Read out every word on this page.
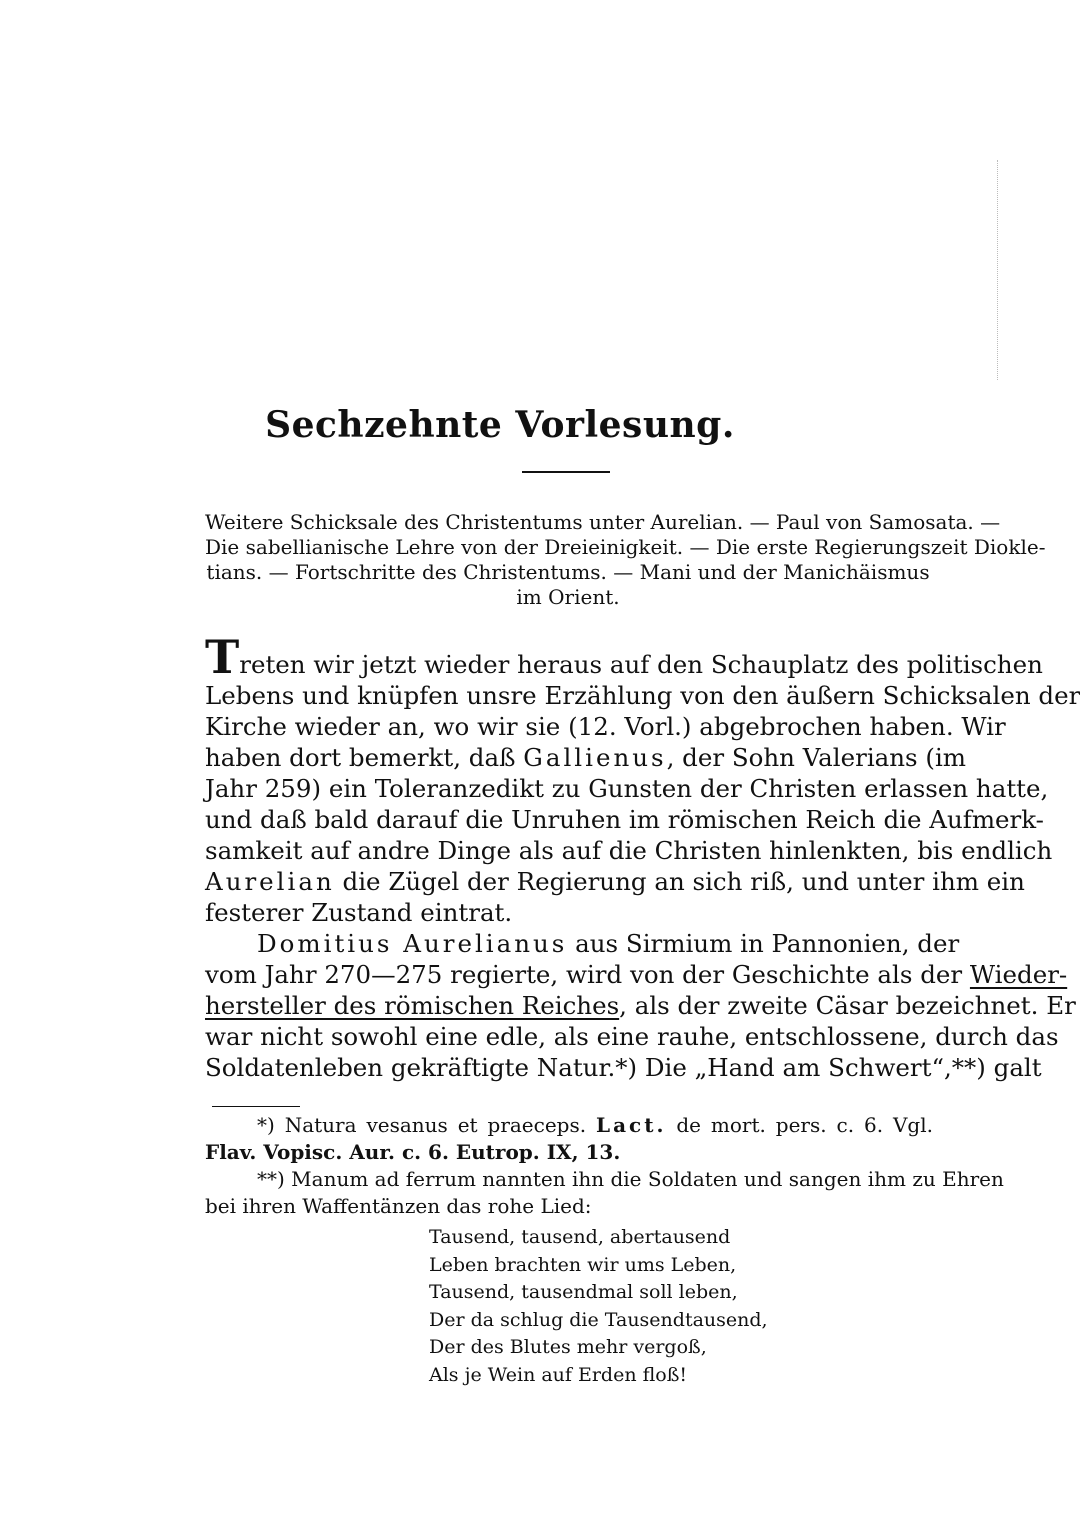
Sechzehnte Vorlesung.
Weitere Schicksale des Christentums unter Aurelian. — Paul von Samosata. —
Die sabellianische Lehre von der Dreieinigkeit. — Die erste Regierungszeit Diokle-
tians. — Fortschritte des Christentums. — Mani und der Manichäismus
im Orient.
Treten wir jetzt wieder heraus auf den Schauplatz des politischen
Lebens und knüpfen unsre Erzählung von den äußern Schicksalen der
Kirche wieder an, wo wir sie (12. Vorl.) abgebrochen haben. Wir
haben dort bemerkt, daß Gallienus, der Sohn Valerians (im
Jahr 259) ein Toleranzedikt zu Gunsten der Christen erlassen hatte,
und daß bald darauf die Unruhen im römischen Reich die Aufmerk-
samkeit auf andre Dinge als auf die Christen hinlenkten, bis endlich
Aurelian die Zügel der Regierung an sich riß, und unter ihm ein
festerer Zustand eintrat.
Domitius Aurelianus aus Sirmium in Pannonien, der
vom Jahr 270—275 regierte, wird von der Geschichte als der Wieder-
hersteller des römischen Reiches, als der zweite Cäsar bezeichnet. Er
war nicht sowohl eine edle, als eine rauhe, entschlossene, durch das
Soldatenleben gekräftigte Natur.*) Die „Hand am Schwert“,**) galt
*) Natura vesanus et praeceps. Lact. de mort. pers. c. 6. Vgl.
Flav. Vopisc. Aur. c. 6. Eutrop. IX, 13.
**) Manum ad ferrum nannten ihn die Soldaten und sangen ihm zu Ehren
bei ihren Waffentänzen das rohe Lied:
Tausend, tausend, abertausend
Leben brachten wir ums Leben,
Tausend, tausendmal soll leben,
Der da schlug die Tausendtausend,
Der des Blutes mehr vergoß,
Als je Wein auf Erden floß!
